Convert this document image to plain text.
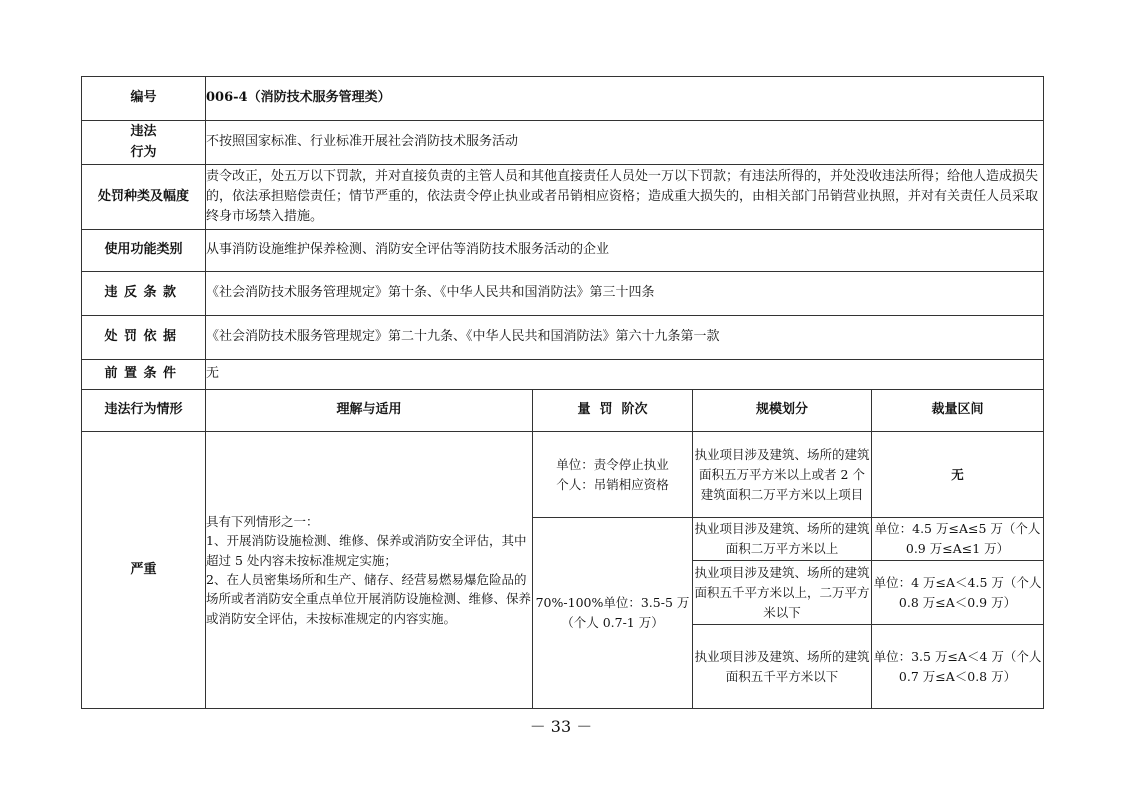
编号	006-4（消防技术服务管理类）			

违法
行为	不按照国家标准、行业标准开展社会消防技术服务活动			
处罚种类及幅度	责令改正，处五万以下罚款，并对直接负责的主管人员和其他直接责任人员处一万以下罚款；有违法所得的，并处没收违法所得；给他人造成损失的，依法承担赔偿责任；情节严重的，依法责令停止执业或者吊销相应资格；造成重大损失的，由相关部门吊销营业执照，并对有关责任人员采取终身市场禁入措施。			
使用功能类别	从事消防设施维护保养检测、消防安全评估等消防技术服务活动的企业			
违反条款	《社会消防技术服务管理规定》第十条、《中华人民共和国消防法》第三十四条			
处罚依据	《社会消防技术服务管理规定》第二十九条、《中华人民共和国消防法》第六十九条第一款			
前置条件	无			
违法行为情形	理解与适用	量  罚  阶次	规模划分	裁量区间
严重	具有下列情形之一：
1、开展消防设施检测、维修、保养或消防安全评估，其中超过 5 处内容未按标准规定实施；
2、在人员密集场所和生产、储存、经营易燃易爆危险品的场所或者消防安全重点单位开展消防设施检测、维修、保养或消防安全评估，未按标准规定的内容实施。	单位：责令停止执业
个人：吊销相应资格	执业项目涉及建筑、场所的建筑面积五万平方米以上或者 2 个建筑面积二万平方米以上项目	无
		70%-100%单位：3.5-5 万（个人 0.7-1 万）	执业项目涉及建筑、场所的建筑面积二万平方米以上	单位：4.5 万≤A≤5 万（个人 0.9 万≤A≤1 万）
			执业项目涉及建筑、场所的建筑面积五千平方米以上，二万平方米以下	单位：4 万≤A＜4.5 万（个人 0.8 万≤A＜0.9 万）
			执业项目涉及建筑、场所的建筑面积五千平方米以下	单位：3.5 万≤A＜4 万（个人 0.7 万≤A＜0.8 万）
－ 33 －
